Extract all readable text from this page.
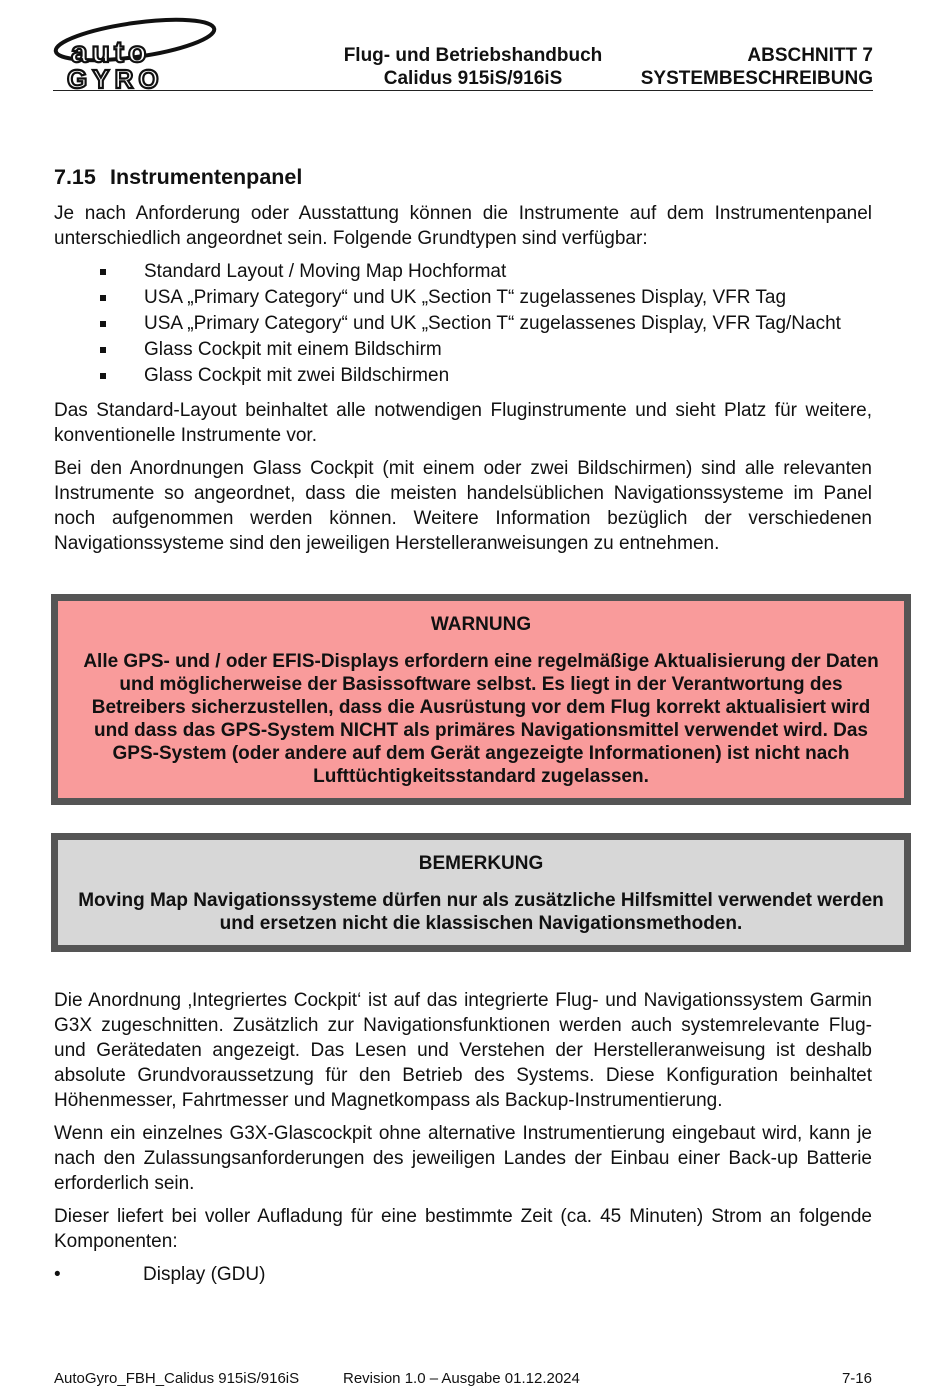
auto
GYRO
Flug- und Betriebshandbuch
Calidus 915iS/916iS
ABSCHNITT 7
SYSTEMBESCHREIBUNG
7.15 Instrumentenpanel

Je nach Anforderung oder Ausstattung können die Instrumente auf dem Instrumentenpanel unterschiedlich angeordnet sein. Folgende Grundtypen sind verfügbar:

Standard Layout / Moving Map Hochformat
USA „Primary Category“ und UK „Section T“ zugelassenes Display, VFR Tag
USA „Primary Category“ und UK „Section T“ zugelassenes Display, VFR Tag/Nacht
Glass Cockpit mit einem Bildschirm
Glass Cockpit mit zwei Bildschirmen

Das Standard-Layout beinhaltet alle notwendigen Fluginstrumente und sieht Platz für weitere, konventionelle Instrumente vor.

Bei den Anordnungen Glass Cockpit (mit einem oder zwei Bildschirmen) sind alle relevanten Instrumente so angeordnet, dass die meisten handelsüblichen Navigationssysteme im Panel noch aufgenommen werden können. Weitere Information bezüglich der verschiedenen Navigationssysteme sind den jeweiligen Herstelleranweisungen zu entnehmen.

WARNUNG
Alle GPS- und / oder EFIS-Displays erfordern eine regelmäßige Aktualisierung der Daten und möglicherweise der Basissoftware selbst. Es liegt in der Verantwortung des Betreibers sicherzustellen, dass die Ausrüstung vor dem Flug korrekt aktualisiert wird und dass das GPS-System NICHT als primäres Navigationsmittel verwendet wird. Das GPS-System (oder andere auf dem Gerät angezeigte Informationen) ist nicht nach Lufttüchtigkeitsstandard zugelassen.
BEMERKUNG
Moving Map Navigationssysteme dürfen nur als zusätzliche Hilfsmittel verwendet werden und ersetzen nicht die klassischen Navigationsmethoden.

Die Anordnung ‚Integriertes Cockpit‘ ist auf das integrierte Flug- und Navigationssystem Garmin G3X zugeschnitten. Zusätzlich zur Navigationsfunktionen werden auch systemrelevante Flug- und Gerätedaten angezeigt. Das Lesen und Verstehen der Herstelleranweisung ist deshalb absolute Grundvoraussetzung für den Betrieb des Systems. Diese Konfiguration beinhaltet Höhenmesser, Fahrtmesser und Magnetkompass als Backup-Instrumentierung.

Wenn ein einzelnes G3X-Glascockpit ohne alternative Instrumentierung eingebaut wird, kann je nach den Zulassungsanforderungen des jeweiligen Landes der Einbau einer Back-up Batterie erforderlich sein.

Dieser liefert bei voller Aufladung für eine bestimmte Zeit (ca. 45 Minuten) Strom an folgende Komponenten:

• Display (GDU)
AutoGyro_FBH_Calidus 915iS/916iS	Revision 1.0 – Ausgabe 01.12.2024	7-16
